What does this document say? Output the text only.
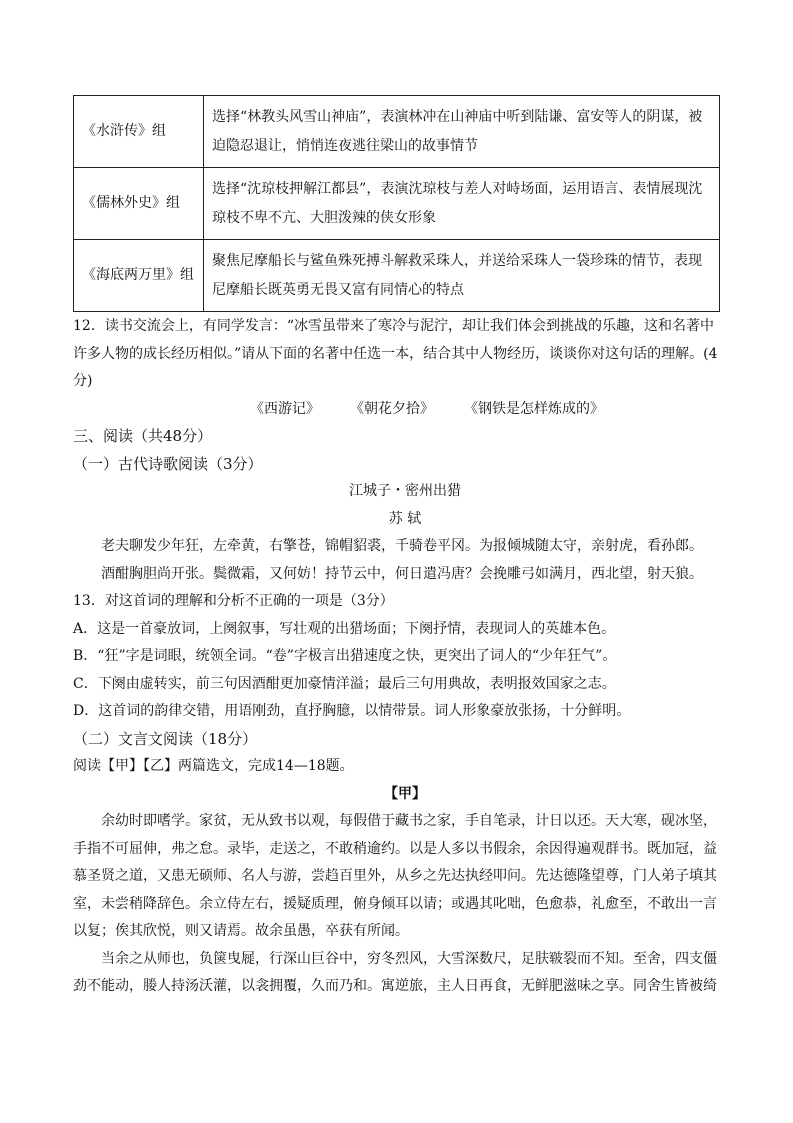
《水浒传》组	选择“林教头风雪山神庙”，表演林冲在山神庙中听到陆谦、富安等人的阴谋，被迫隐忍退让，悄悄连夜逃往梁山的故事情节
《儒林外史》组	选择“沈琼枝押解江都县”，表演沈琼枝与差人对峙场面，运用语言、表情展现沈琼枝不卑不亢、大胆泼辣的侠女形象
《海底两万里》组	聚焦尼摩船长与鲨鱼殊死搏斗解救采珠人，并送给采珠人一袋珍珠的情节，表现尼摩船长既英勇无畏又富有同情心的特点

12．读书交流会上，有同学发言：“冰雪虽带来了寒冷与泥泞，却让我们体会到挑战的乐趣，这和名著中许多人物的成长经历相似。”请从下面的名著中任选一本，结合其中人物经历，谈谈你对这句话的理解。(4分)

《西游记》 《朝花夕拾》 《钢铁是怎样炼成的》

三、阅读（共48分）

（一）古代诗歌阅读（3分）

江城子・密州出猎

苏 轼

老夫聊发少年狂，左牵黄，右擎苍，锦帽貂裘，千骑卷平冈。为报倾城随太守，亲射虎，看孙郎。

酒酣胸胆尚开张。鬓微霜，又何妨！持节云中，何日遣冯唐？会挽雕弓如满月，西北望，射天狼。

13．对这首词的理解和分析不正确的一项是（3分）

A．这是一首豪放词，上阕叙事，写壮观的出猎场面；下阕抒情，表现词人的英雄本色。

B．“狂”字是词眼，统领全词。“卷”字极言出猎速度之快，更突出了词人的“少年狂气”。

C．下阕由虚转实，前三句因酒酣更加豪情洋溢；最后三句用典故，表明报效国家之志。

D．这首词的韵律交错，用语刚劲，直抒胸臆，以情带景。词人形象豪放张扬，十分鲜明。

（二）文言文阅读（18分）

阅读【甲】【乙】两篇选文，完成14—18题。

【甲】

余幼时即嗜学。家贫，无从致书以观，每假借于藏书之家，手自笔录，计日以还。天大寒，砚冰坚，手指不可屈伸，弗之怠。录毕，走送之，不敢稍逾约。以是人多以书假余，余因得遍观群书。既加冠，益慕圣贤之道，又患无硕师、名人与游，尝趋百里外，从乡之先达执经叩问。先达德隆望尊，门人弟子填其室，未尝稍降辞色。余立侍左右，援疑质理，俯身倾耳以请；或遇其叱咄，色愈恭，礼愈至，不敢出一言以复；俟其欣悦，则又请焉。故余虽愚，卒获有所闻。

当余之从师也，负箧曳屣，行深山巨谷中，穷冬烈风，大雪深数尺，足肤皲裂而不知。至舍，四支僵劲不能动，媵人持汤沃灌，以衾拥覆，久而乃和。寓逆旅，主人日再食，无鲜肥滋味之享。同舍生皆被绮
